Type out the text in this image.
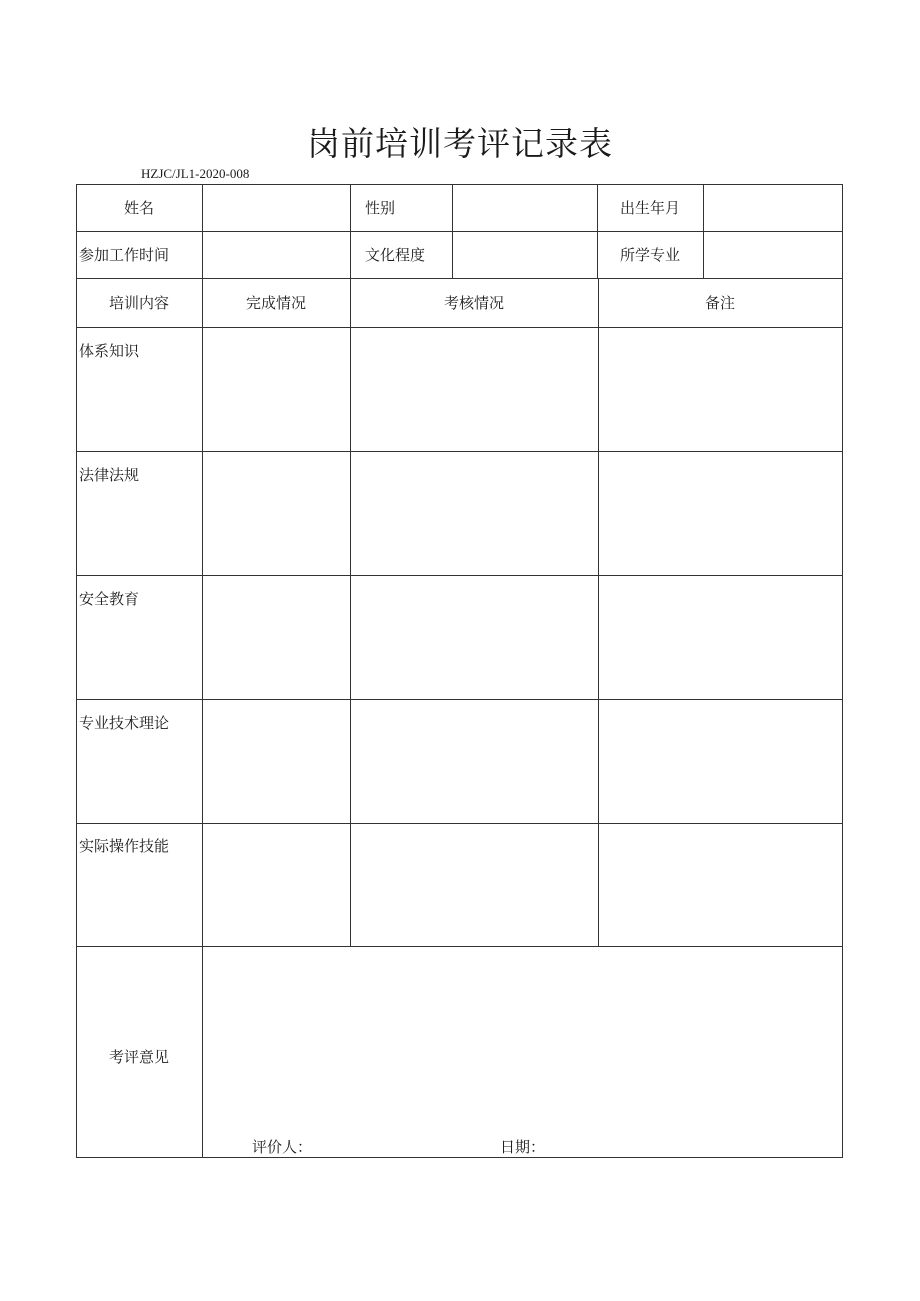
岗前培训考评记录表
HZJC/JL1-2020-008
姓名	性别	出生年月
参加工作时间	文化程度	所学专业
培训内容	完成情况	考核情况	备注
体系知识
法律法规
安全教育
专业技术理论
实际操作技能
考评意见
评价人：	日期：
